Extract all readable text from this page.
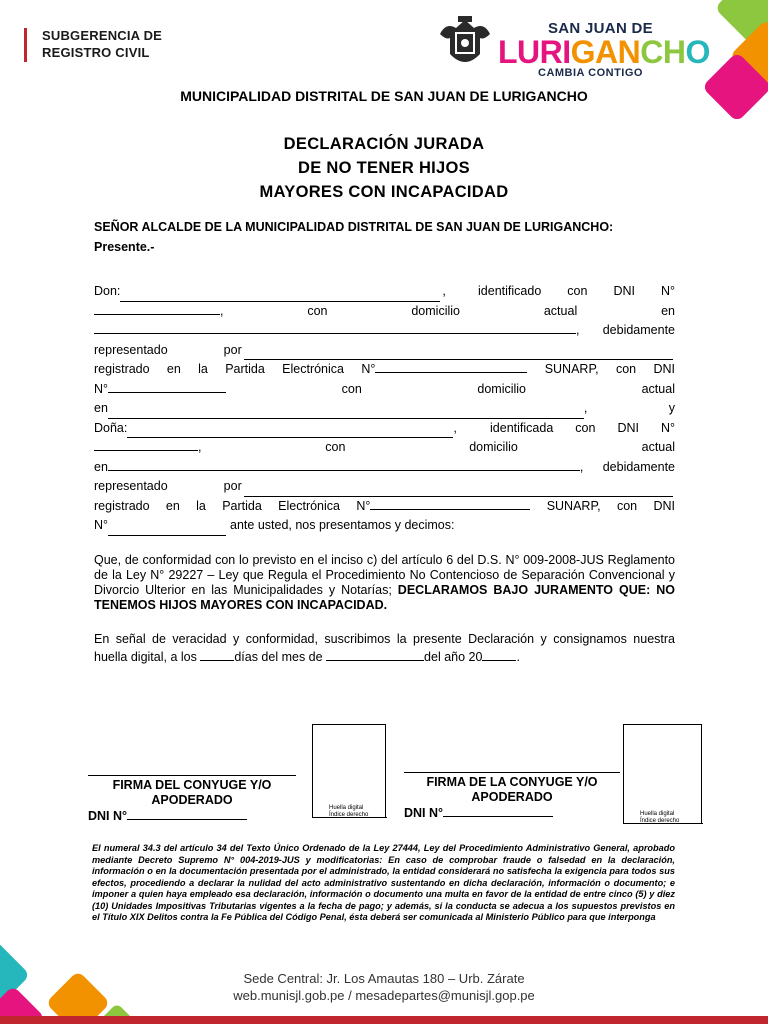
SUBGERENCIA DE
REGISTRO CIVIL
SAN JUAN DE
LURIGANCHO
CAMBIA CONTIGO
MUNICIPALIDAD DISTRITAL DE SAN JUAN DE LURIGANCHO
DECLARACIÓN JURADA
DE NO TENER HIJOS
MAYORES CON INCAPACIDAD
SEÑOR ALCALDE DE LA MUNICIPALIDAD DISTRITAL DE SAN JUAN DE LURIGANCHO:
Presente.-
Don:	,	identificado con DNI N°
,	con	domicilio	actual	en
, debidamente
representado	por
registrado en la Partida Electrónica N°	SUNARP, con DNI
N°	con	domicilio	actual
en	,	y
Doña:	,	identificada con DNI N°
,	con	domicilio	actual
en	, debidamente
representado	por
registrado en la Partida Electrónica N°	SUNARP, con DNI
N°	ante usted, nos presentamos y decimos:
Que, de conformidad con lo previsto en el inciso c) del artículo 6 del D.S. N° 009-2008-JUS Reglamento de la Ley N° 29227 – Ley que Regula el Procedimiento No Contencioso de Separación Convencional y Divorcio Ulterior en las Municipalidades y Notarías; DECLARAMOS BAJO JURAMENTO QUE: NO TENEMOS HIJOS MAYORES CON INCAPACIDAD.
En señal de veracidad y conformidad, suscribimos la presente Declaración y consignamos nuestra huella digital, a los	días del mes de	del año 20	.
FIRMA DEL CONYUGE Y/O APODERADO
DNI N°
Huella digital
Índice derecho
FIRMA DE LA CONYUGE Y/O APODERADO
DNI N°	Huella digital
Índice derecho
El numeral 34.3 del artículo 34 del Texto Único Ordenado de la Ley 27444, Ley del Procedimiento Administrativo General, aprobado mediante Decreto Supremo N° 004-2019-JUS y modificatorias: En caso de comprobar fraude o falsedad en la declaración, información o en la documentación presentada por el administrado, la entidad considerará no satisfecha la exigencia para todos sus efectos, procediendo a declarar la nulidad del acto administrativo sustentando en dicha declaración, información o documento; e imponer a quien haya empleado esa declaración, información o documento una multa en favor de la entidad de entre cinco (5) y diez (10) Unidades Impositivas Tributarias vigentes a la fecha de pago; y además, si la conducta se adecua a los supuestos previstos en el Título XIX Delitos contra la Fe Pública del Código Penal, ésta deberá ser comunicada al Ministerio Público para que interponga
Sede Central: Jr. Los Amautas 180 – Urb. Zárate
web.munisjl.gob.pe / mesadepartes@munisjl.gop.pe
